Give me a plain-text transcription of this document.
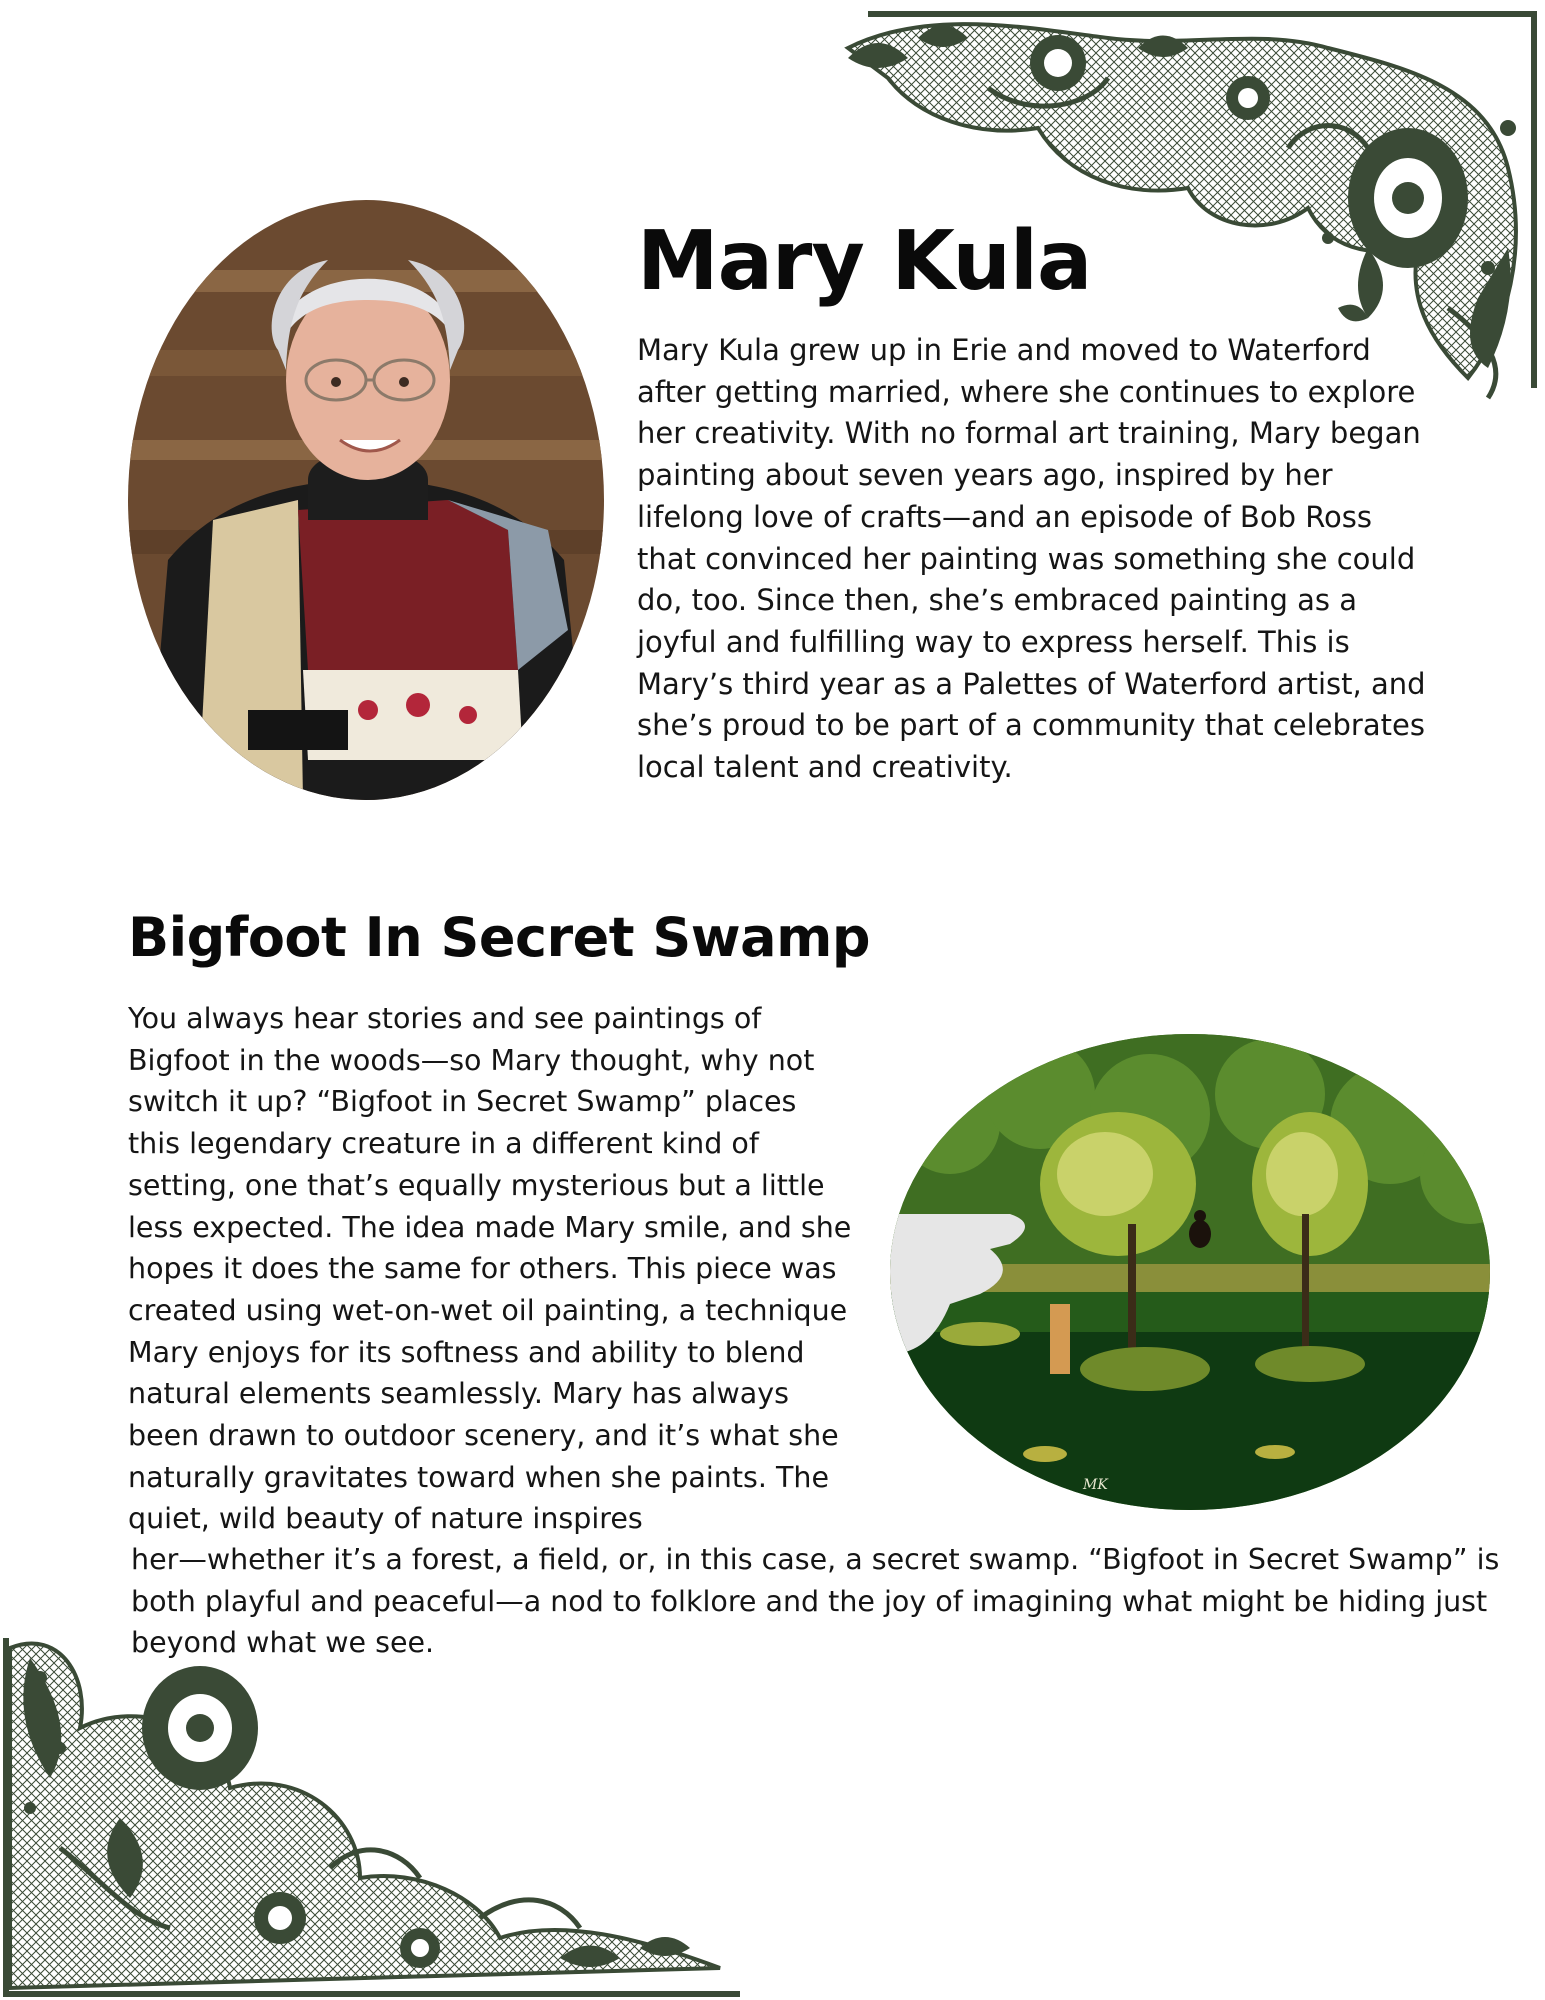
Mary Kula

Mary Kula grew up in Erie and moved to Waterford after getting married, where she continues to explore her creativity. With no formal art training, Mary began painting about seven years ago, inspired by her lifelong love of crafts—and an episode of Bob Ross that convinced her painting was something she could do, too. Since then, she’s embraced painting as a joyful and fulfilling way to express herself. This is Mary’s third year as a Palettes of Waterford artist, and she’s proud to be part of a community that celebrates local talent and creativity.

Bigfoot In Secret Swamp

You always hear stories and see paintings of Bigfoot in the woods—so Mary thought, why not switch it up? “Bigfoot in Secret Swamp” places this legendary creature in a different kind of setting, one that’s equally mysterious but a little less expected. The idea made Mary smile, and she hopes it does the same for others. This piece was created using wet-on-wet oil painting, a technique Mary enjoys for its softness and ability to blend natural elements seamlessly. Mary has always been drawn to outdoor scenery, and it’s what she naturally gravitates toward when she paints. The quiet, wild beauty of nature inspires

MK

her—whether it’s a forest, a field, or, in this case, a secret swamp. “Bigfoot in Secret Swamp” is both playful and peaceful—a nod to folklore and the joy of imagining what might be hiding just beyond what we see.
